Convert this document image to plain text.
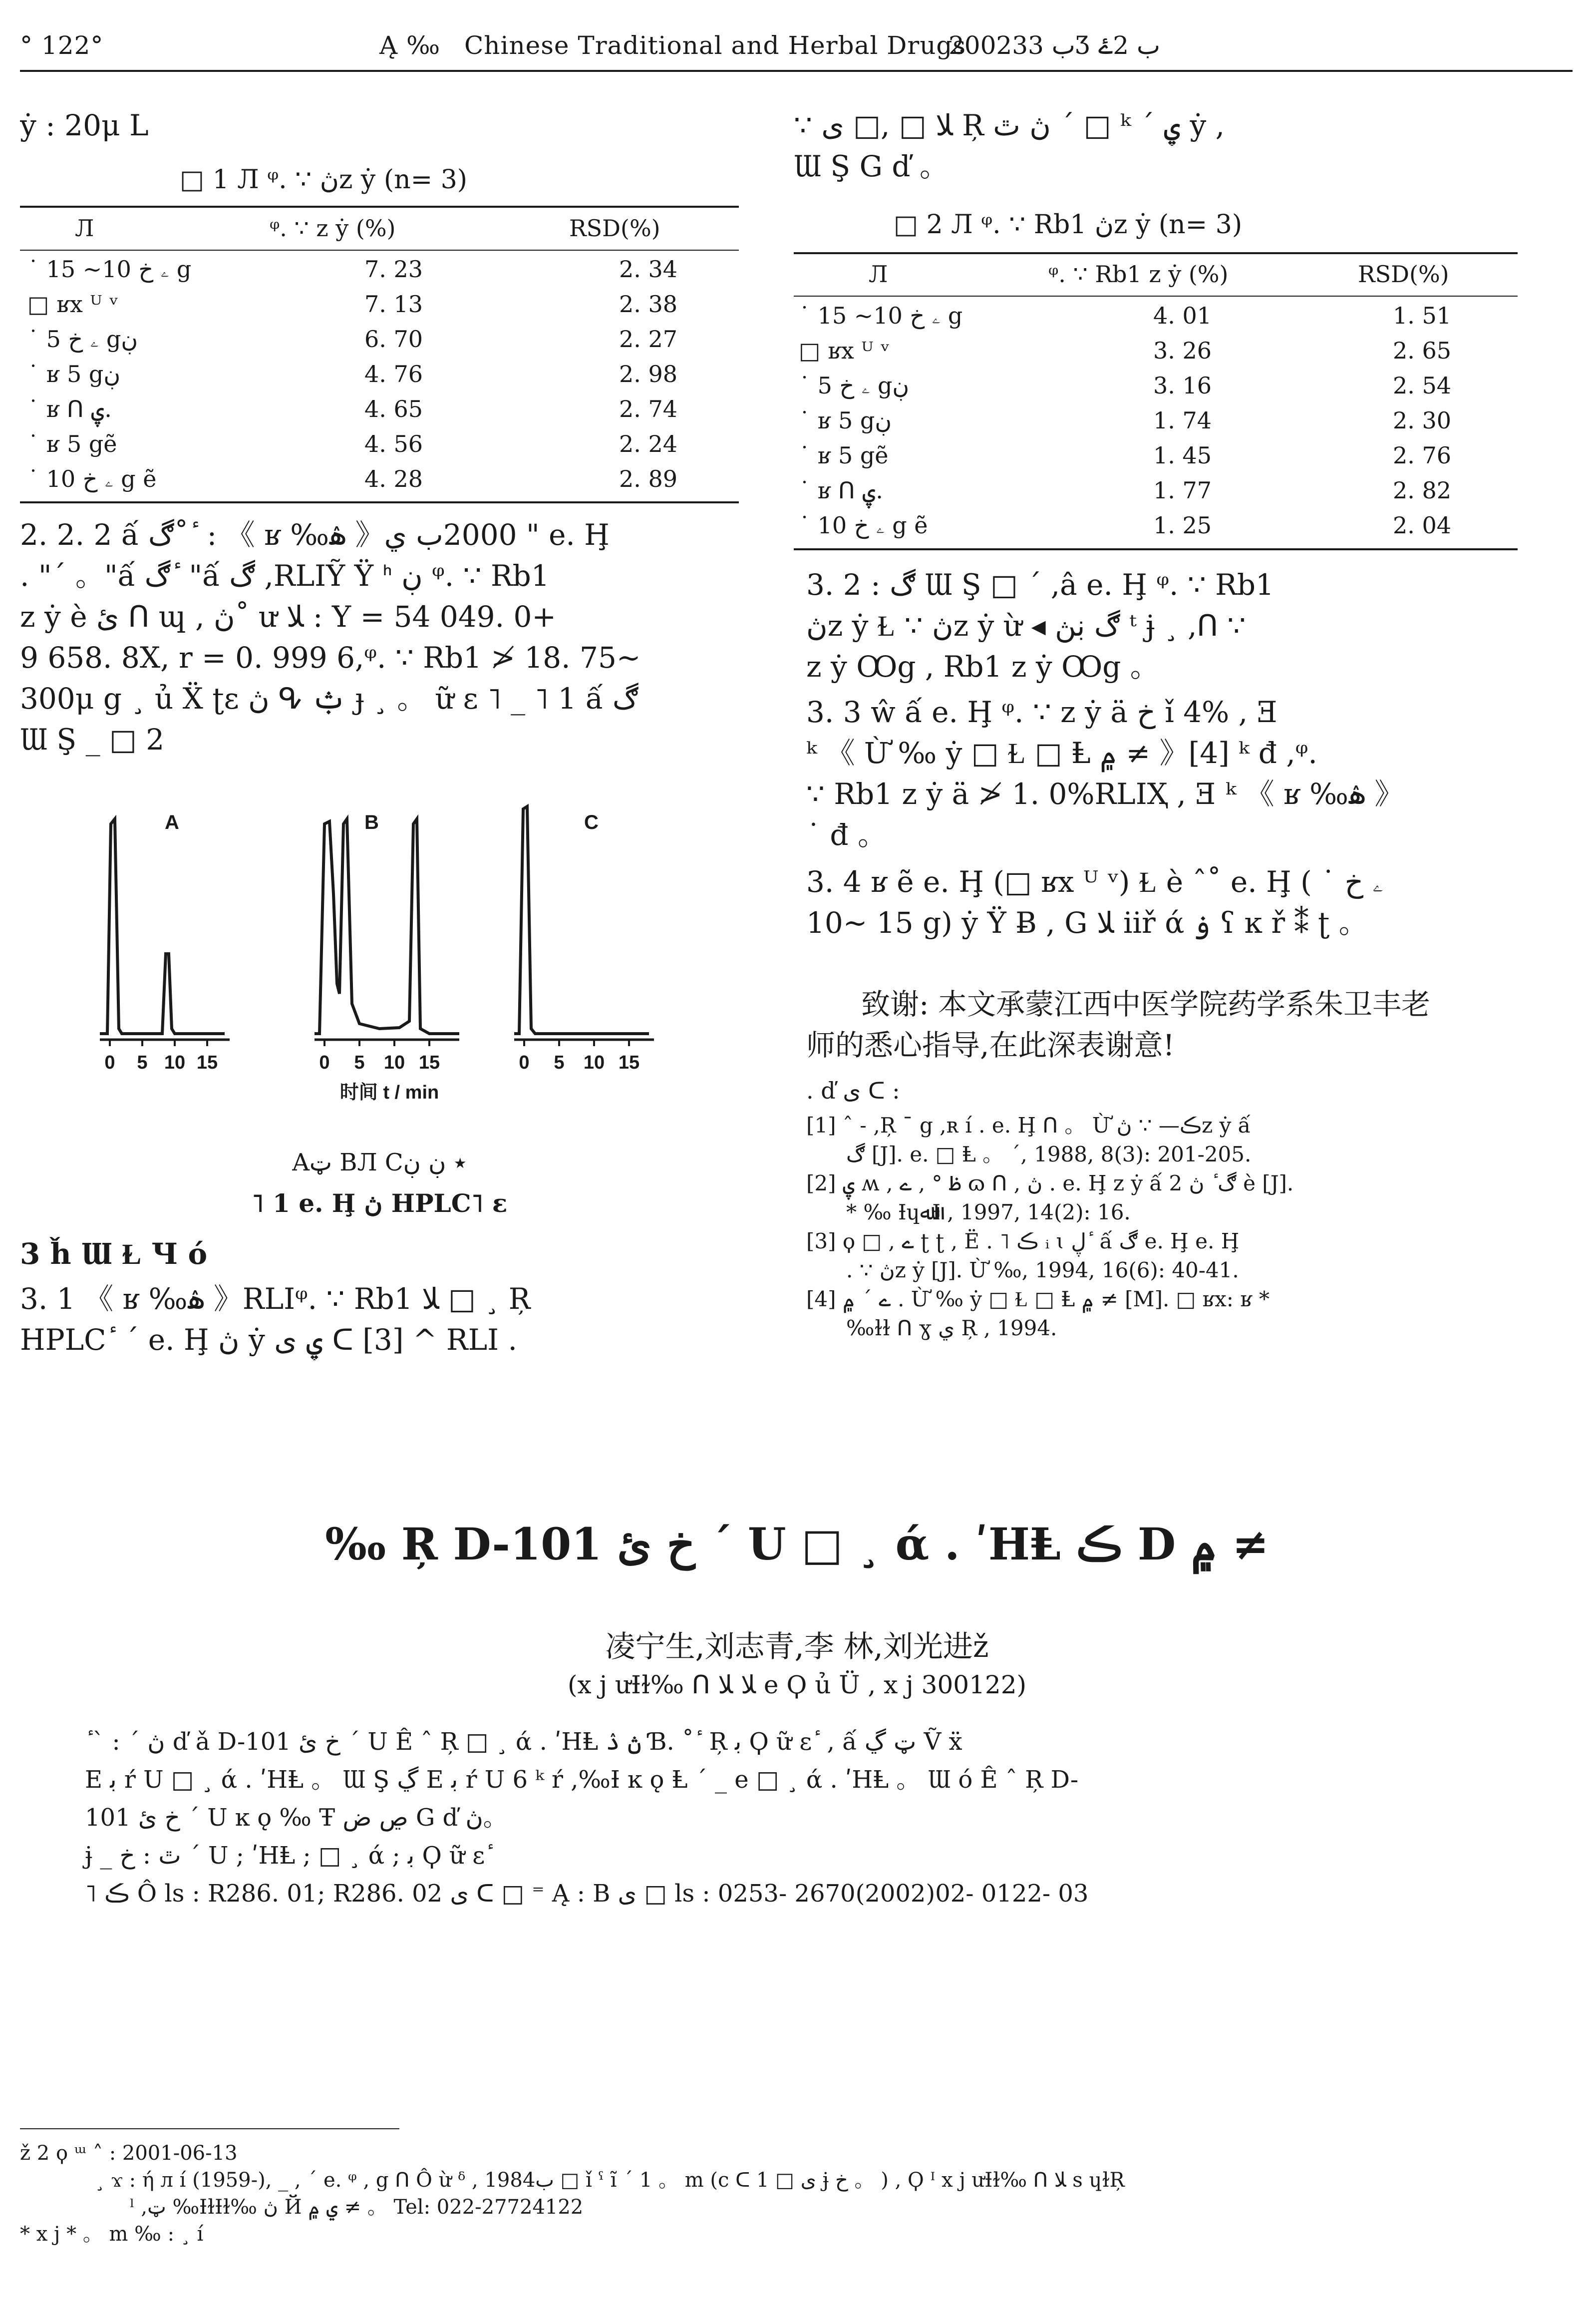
° 122°	Ą ‰ Chinese Traditional and Herbal Drugs
2002ب 33Ʒ ب 2ۓ
ẏ : 20μ L
□ 1 Л ᵠ. ∵ ڽz ẏ (n= 3)
Л	ᵠ. ∵ z ẏ (%)	RSD(%)
˙ ۦ خ 10~ 15 g	7. 23	2. 34
□ ʁх ᵁ ᵛ	7. 13	2. 38
˙ ۦ خ 5 gڹ	6. 70	2. 27
˙ ʁ 5 gڹ	4. 76	2. 98
˙ ʁ ᑎ ۑ.	4. 65	2. 74
˙ ʁ 5 gẽ	4. 56	2. 24
˙ ۦ خ 10 g ẽ	4. 28	2. 89
2. 2. 2 ấ ڰ˚ ٔ : 《 ʁ ‰ۿ 》2000ب ي " e. Ḩ
. "΄ 。"ấ ڰ ٔ "ấ ڰ ,RLIỸ Ÿ ᑋ ڹ ᵠ. ∵ Rb1
z ẏ è ئ ᑎ ɰ , ڽ˚ ư ﻼ : Y = 54 049. 0+
9 658. 8X, r = 0. 999 6,ᵠ. ∵ Rb1 ≯ 18. 75~
300μ g ¸ ủ Ẍ ʈɛ ڽ ᕴ ݑ ɟ ¸ 。 ữ ɛ ˥ _ ˥ 1 ấ ڰ
Ɯ Ş _ □ 2
A	B	C
0 5 10 15	0 5 10 15	0 5 10 15
时间 t / min
Aټ BЛ C٭ ڹ ڹ
˥ 1 e. Ḩ ڽ HPLC˥ ɛ
3 ȟ Ɯ Ɫ Ɥ ó
3. 1 《 ʁ ‰ۿ 》RLIᵠ. ∵ Rb1 ﻼ □ ¸ Ŗ
HPLC ٔ ΄ e. Ḩ ڽ ẏ ۑ ى ᑕ [3] ^ RLI .
∵ ﻼ □ ,□ ى Ŗ ڽ ٿ ΄ □ ᵏ ΄ ۑ ẏ ,
Ɯ Ş G ď 。
□ 2 Л ᵠ. ∵ Rb1 ڽz ẏ (n= 3)
Л	ᵠ. ∵ Rb1 z ẏ (%)	RSD(%)
˙ ۦ خ 10~ 15 g	4. 01	1. 51
□ ʁх ᵁ ᵛ	3. 26	2. 65
˙ ۦ خ 5 gڹ	3. 16	2. 54
˙ ʁ 5 gڹ	1. 74	2. 30
˙ ʁ 5 gẽ	1. 45	2. 76
˙ ʁ ᑎ ۑ.	1. 77	2. 82
˙ ۦ خ 10 g ẽ	1. 25	2. 04
3. 2 : ڰ Ɯ Ş □ ΄ ,â e. Ḩ ᵠ. ∵ Rb1
ڽz ẏ Ɫ ∵ ڽz ẏ ừ ◂ ڰ ڹڽ ᵗ ɉ ¸ ,ᑎ ∵
z ẏ Ꝏg , Rb1 z ẏ Ꝏg 。
3. 3 ŵ ấ e. Ḩ ᵠ. ∵ z ẏ ä خ ǐ 4% , Ǝ
ᵏ 《 Ừ ‰ ẏ □ Ɫ □ Ⱡ ۾ ≠ 》[4] ᵏ đ ,ᵠ.
∵ Rb1 z ẏ ä ≯ 1. 0%RLIҲ , Ǝ ᵏ 《 ʁ ‰ۿ 》
˙ đ 。
3. 4 ʁ ẽ e. Ḩ (□ ʁх ᵁ ᵛ) Ɫ è ˆ˚ e. Ḩ ( ˙ ۦ خ
10~ 15 g) ẏ Ÿ Ƀ , G ﻼ iiř ά ۏ ʕ ĸ ř ⁑ ʈ 。
致谢: 本文承蒙江西中医学院药学系朱卫丰老
师的悉心指导,在此深表谢意!
. ď ى ᑕ :
[1] ˆ ˗ ,Ŗ ¯ g ,ʀ í . e. Ḩ ᑎ 。 Ừ ڪ— ∵ ڽz ẏ ấ
ڰ [J]. e. □ Ⱡ 。 ΄, 1988, 8(3): 201-205.
[2] ۑ ʍ , ظ ° , ے ɷ ᑎ , ڽ . e. Ḩ z ẏ ấ ڰ ٔ ڽ 2 è [J].
* ‰ ƗɥﷲƗ , 1997, 14(2): 16.
[3] ϙ □ , ے ʈ ʈ , Ë . ˥ ڪ ᵢ ɩ ڸ ٔ ấ ڰ e. Ḩ e. Ḩ
. ∵ ڽz ẏ [J]. Ừ ‰, 1994, 16(6): 40-41.
[4] ے ΄ ۾ . Ừ ‰ ẏ □ Ɫ □ Ⱡ ۾ ≠ [M]. □ ʁх: ʁ *
‰ɫɫ ᑎ ɣ ي Ŗ , 1994.
‰ Ŗ D-101 خ ئ ΄ U □ ¸ ά . ʹHⱠ ڪ D ۾ ≠
凌宁生,刘志青,李 林,刘光进ž
(x j ưƗɫ‰ ᑎ ﻼ ﻼ e Ϙ ủ Ü , x j 300122)
ٔ ˋ : ΄ ڽ ď ǎ D-101 خ ئ ΄ U Ê ˆ Ŗ □ ¸ ά . ʹHⱠ ڽ ۮ Ɓ. ˚ ٔ Ŗ ﺑ Ϙ ữ ɛ ٔ , ấ ټ ڲ Ṽ ẍ
E ﺑ ŕ U □ ¸ ά . ʹHⱠ 。 Ɯ Ş ڲ E ﺑ ŕ U 6 ᵏ ŕ ,‰Ɨ ĸ ǫ Ⱡ ´ _ e □ ¸ ά . ʹHⱠ 。 Ɯ ó Ê ˆ Ŗ D-
101 خ ئ ΄ U ĸ ǫ ‰ Ŧ ڝ ض G ď ڽ。
ɉ _ ٿ : خ ΄ U ; ʹHⱠ ; □ ¸ ά ; ﺑ Ϙ ữ ɛ ٔ
˥ ڪ Ô ls : R286. 01; R286. 02 ى ᑕ □ ⁼ Ą : B ى □ ls : 0253- 2670(2002)02- 0122- 03
ž 2 ϙ ᵚ ˄ : 2001-06-13
¸ ϫ : ή л í (1959-), _ , ΄ e. ᵠ , g ᑎ Ô ừ ᵟ , 1984ب □ ǐ ˁ ĩ ΄ 1 。 m (c ᑕ ى □ 1 ɉ خ 。 ) , Ϙ ᴵ x j ưƗɫ‰ ᑎ ﻼ s ɥɫŖ
ˡ ,ټ ‰ƗɫƗɫ‰ ڽ Й ي ۾ ≠ 。 Tel: 022-27724122
* x j * 。 m ‰ : ¸ í
